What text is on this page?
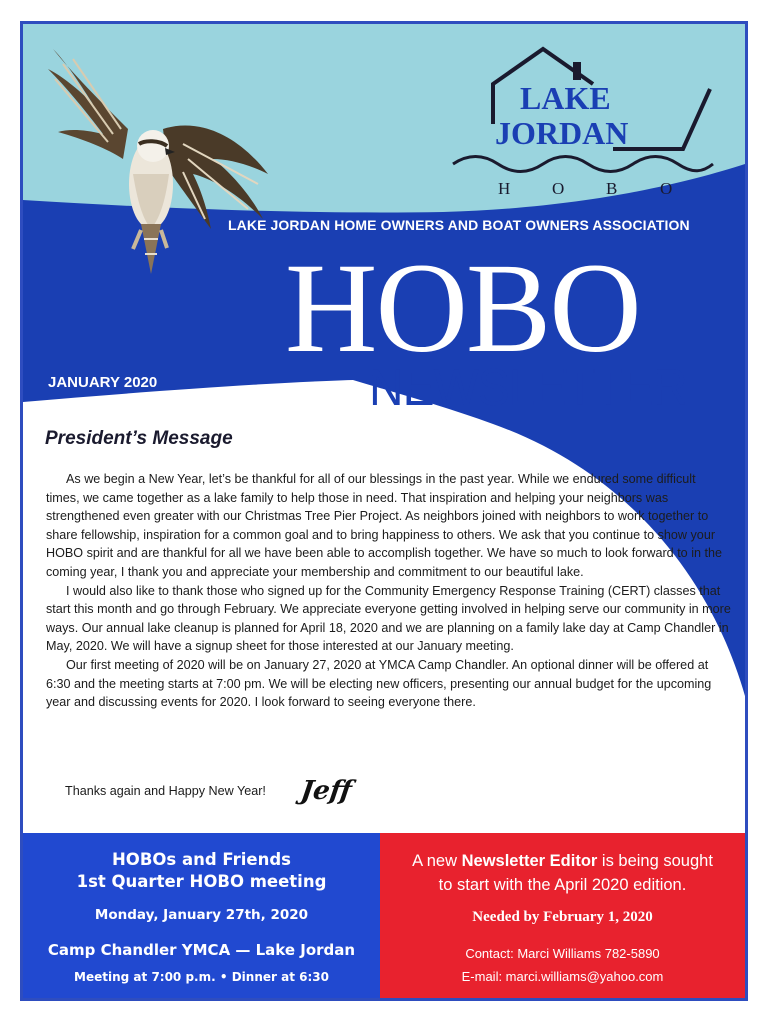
LAKE
JORDAN
H O B	O
LAKE JORDAN HOME OWNERS AND BOAT OWNERS ASSOCIATION
HOBO
NEWSLETTER
JANUARY 2020
President’s Message

As we begin a New Year, let’s be thankful for all of our blessings in the past year. While we endured some difficult times, we came together as a lake family to help those in need. That inspiration and helping your neighbors was strengthened even greater with our Christmas Tree Pier Project. As neighbors joined with neighbors to work together to share fellowship, inspiration for a common goal and to bring happiness to others. We ask that you continue to show your HOBO spirit and are thankful for all we have been able to accomplish together. We have so much to look forward to in the coming year, I thank you and appreciate your membership and commitment to our beautiful lake.

I would also like to thank those who signed up for the Community Emergency Response Training (CERT) classes that start this month and go through February. We appreciate everyone getting involved in helping serve our community in more ways. Our annual lake cleanup is planned for April 18, 2020 and we are planning on a family lake day at Camp Chandler in May, 2020. We will have a signup sheet for those interested at our January meeting.

Our first meeting of 2020 will be on January 27, 2020 at YMCA Camp Chandler. An optional dinner will be offered at 6:30 and the meeting starts at 7:00 pm. We will be electing new officers, presenting our annual budget for the upcoming year and discussing events for 2020. I look forward to seeing everyone there.

Thanks again and Happy New Year! Jeff
HOBOs and Friends
1st Quarter HOBO meeting
Monday, January 27th, 2020
Camp Chandler YMCA — Lake Jordan
Meeting at 7:00 p.m. • Dinner at 6:30
A new Newsletter Editor is being sought
to start with the April 2020 edition.
Needed by February 1, 2020
Contact: Marci Williams 782-5890
E-mail: marci.williams@yahoo.com
